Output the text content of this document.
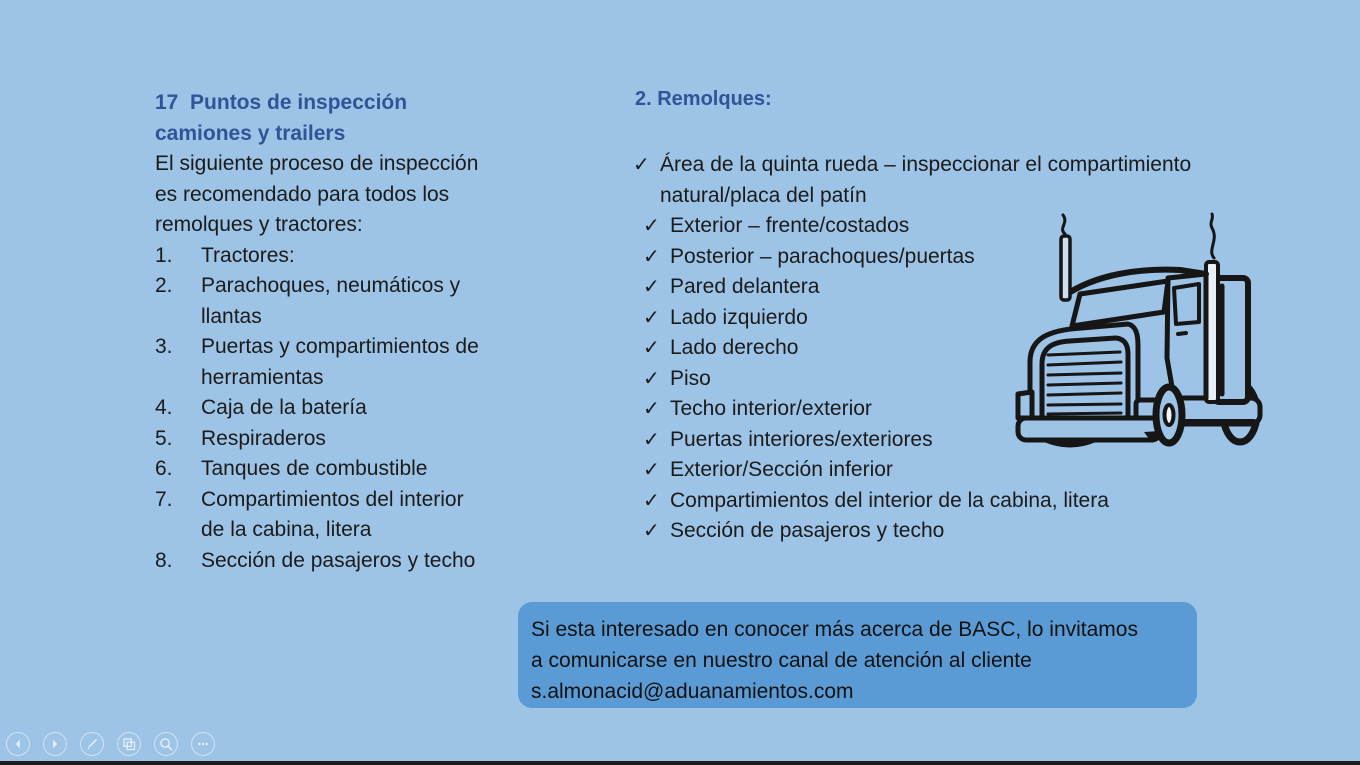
17  Puntos de inspección
camiones y trailers
El siguiente proceso de inspección
es recomendado para todos los
remolques y tractores:
1.	Tractores:
2.	Parachoques, neumáticos y
llantas
3.	Puertas y compartimientos de
herramientas
4.	Caja de la batería
5.	Respiraderos
6.	Tanques de combustible
7.	Compartimientos del interior
de la cabina, litera
8.	Sección de pasajeros y techo
2. Remolques:
✓ Área de la quinta rueda – inspeccionar el compartimiento
natural/placa del patín
✓ Exterior – frente/costados
✓ Posterior – parachoques/puertas
✓ Pared delantera
✓ Lado izquierdo
✓ Lado derecho
✓ Piso
✓ Techo interior/exterior
✓ Puertas interiores/exteriores
✓ Exterior/Sección inferior
✓ Compartimientos del interior de la cabina, litera
✓ Sección de pasajeros y techo
Si esta interesado en conocer más acerca de BASC, lo invitamos
a comunicarse en nuestro canal de atención al cliente
s.almonacid@aduanamientos.com
